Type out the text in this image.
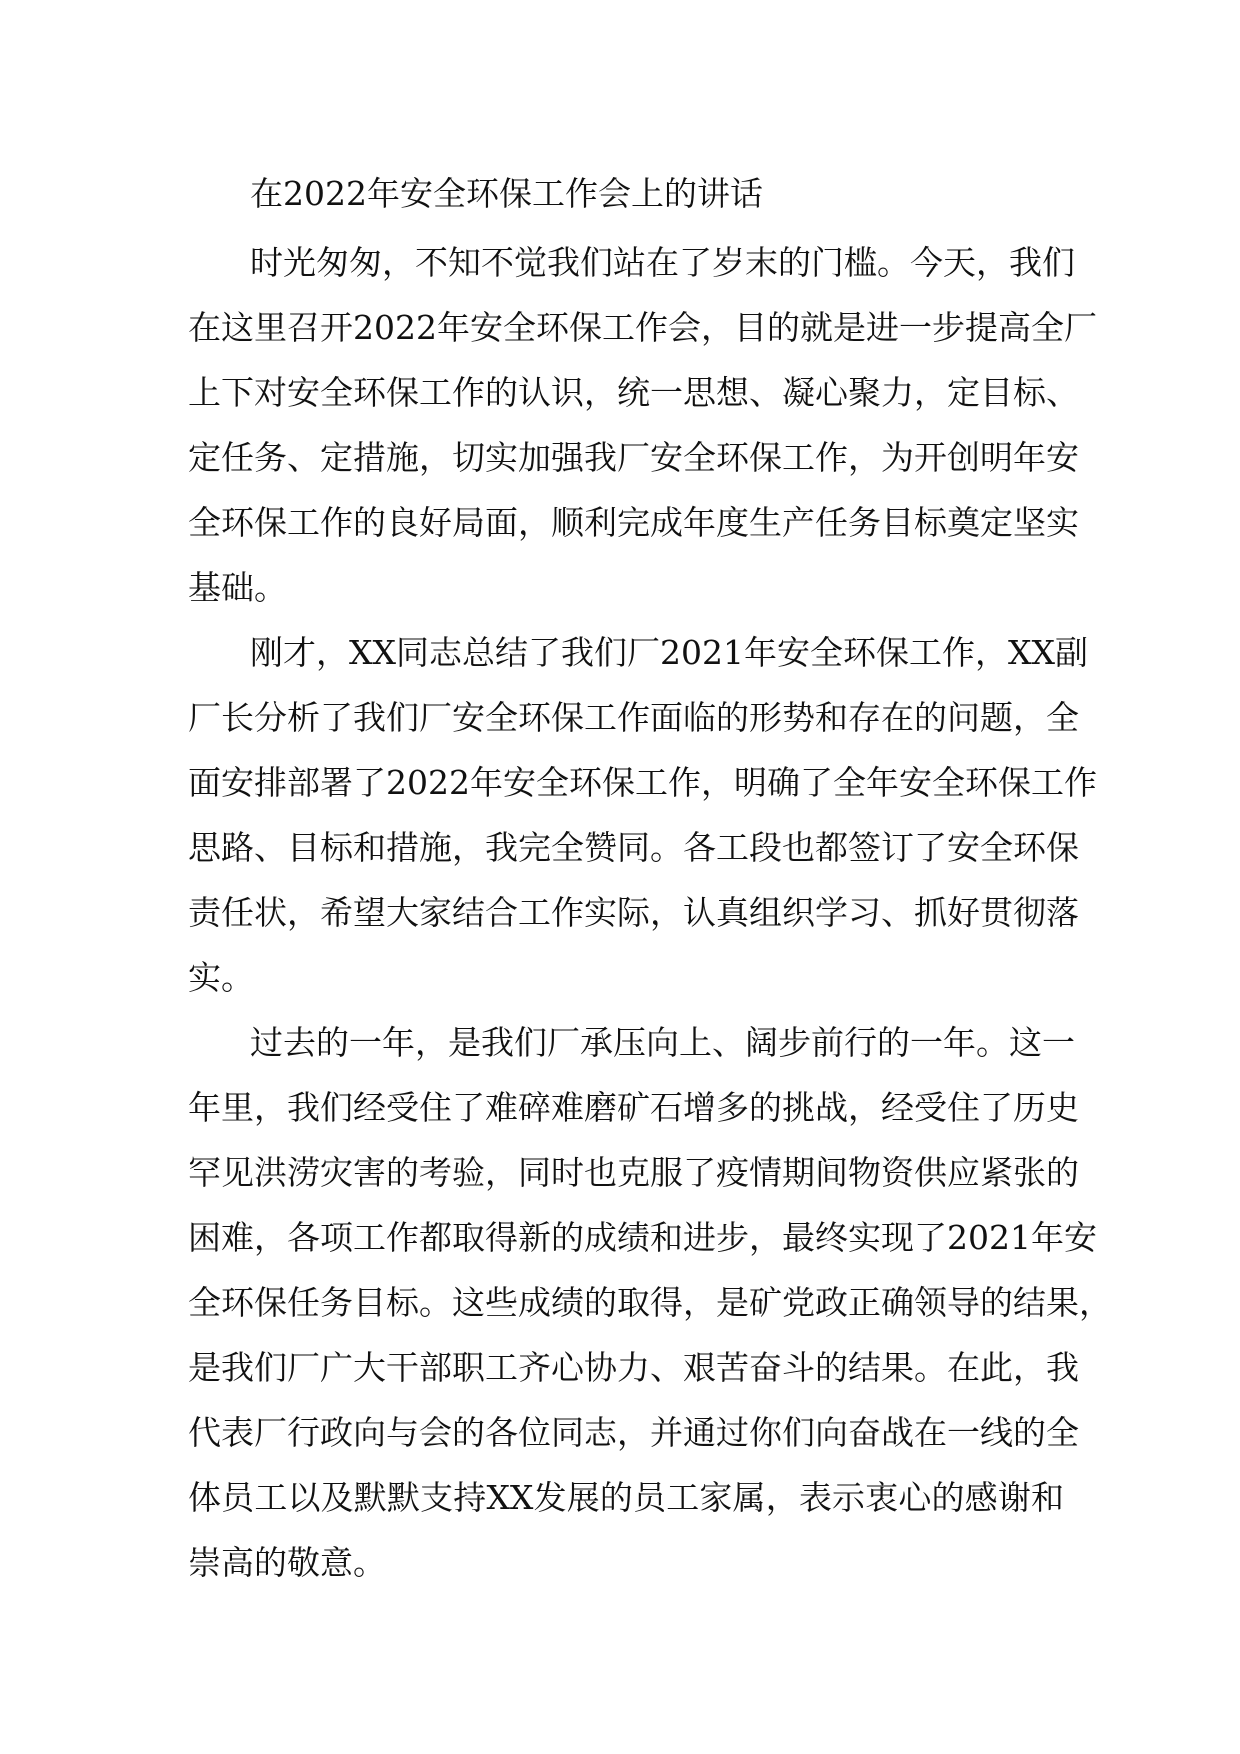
在2022年安全环保工作会上的讲话

时光匆匆，不知不觉我们站在了岁末的门槛。今天，我们
在这里召开2022年安全环保工作会，目的就是进一步提高全厂
上下对安全环保工作的认识，统一思想、凝心聚力，定目标、
定任务、定措施，切实加强我厂安全环保工作，为开创明年安
全环保工作的良好局面，顺利完成年度生产任务目标奠定坚实
基础。

刚才，XX同志总结了我们厂2021年安全环保工作，XX副
厂长分析了我们厂安全环保工作面临的形势和存在的问题，全
面安排部署了2022年安全环保工作，明确了全年安全环保工作
思路、目标和措施，我完全赞同。各工段也都签订了安全环保
责任状，希望大家结合工作实际，认真组织学习、抓好贯彻落
实。

过去的一年，是我们厂承压向上、阔步前行的一年。这一
年里，我们经受住了难碎难磨矿石增多的挑战，经受住了历史
罕见洪涝灾害的考验，同时也克服了疫情期间物资供应紧张的
困难，各项工作都取得新的成绩和进步，最终实现了2021年安
全环保任务目标。这些成绩的取得，是矿党政正确领导的结果，
是我们厂广大干部职工齐心协力、艰苦奋斗的结果。在此，我
代表厂行政向与会的各位同志，并通过你们向奋战在一线的全
体员工以及默默支持XX发展的员工家属，表示衷心的感谢和
崇高的敬意。
